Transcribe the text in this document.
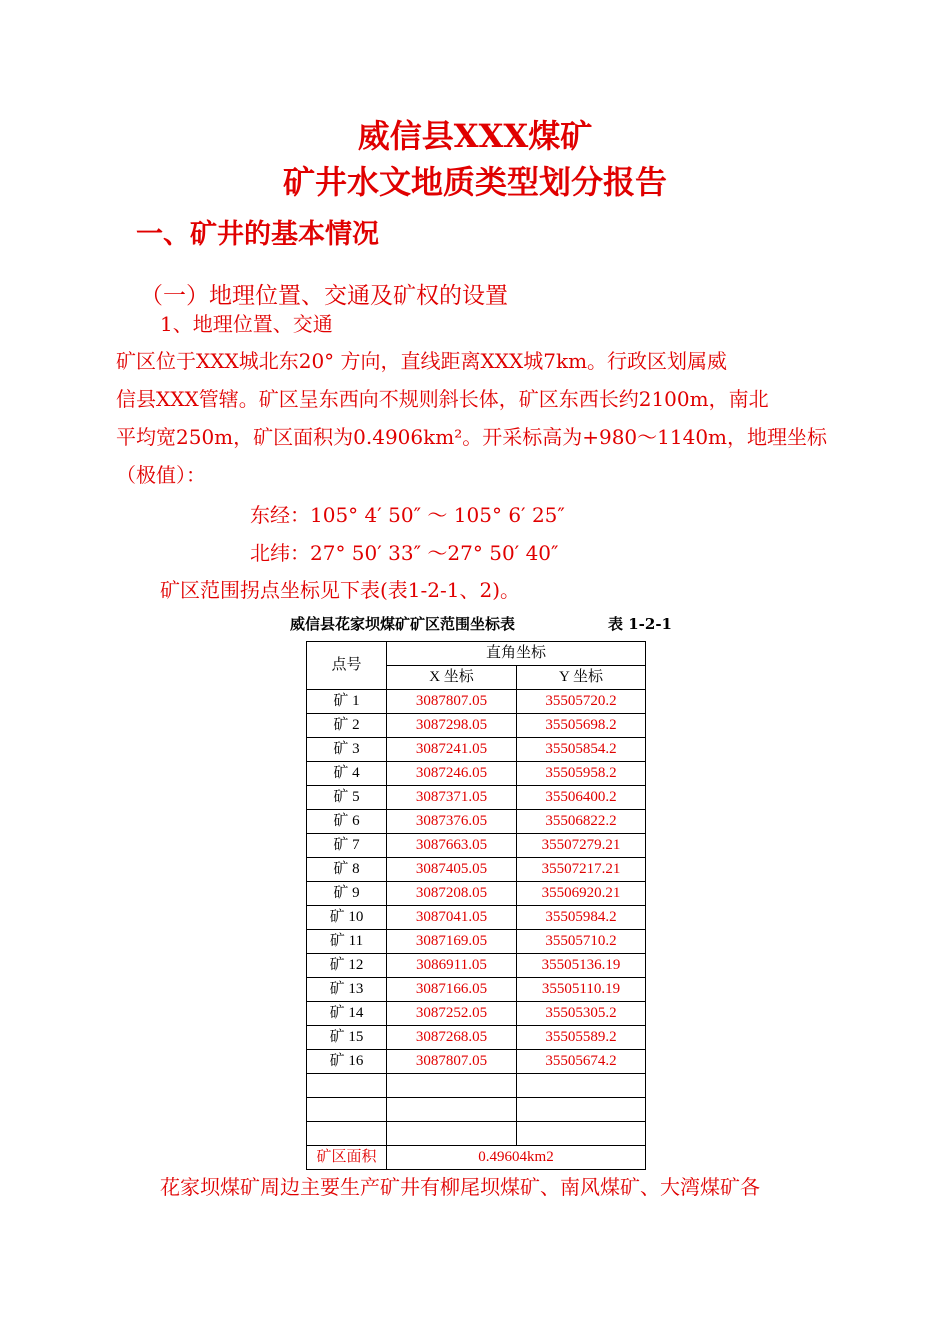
威信县XXX煤矿
矿井水文地质类型划分报告
一、矿井的基本情况
（一）地理位置、交通及矿权的设置
1、地理位置、交通
矿区位于XXX城北东20° 方向，直线距离XXX城7km。行政区划属威
信县XXX管辖。矿区呈东西向不规则斜长体，矿区东西长约2100m，南北
平均宽250m，矿区面积为0.4906km²。开采标高为+980～1140m，地理坐标
（极值）：
东经：105° 4′ 50″ ～ 105° 6′ 25″
北纬：27° 50′ 33″ ～27° 50′ 40″
矿区范围拐点坐标见下表(表1-2-1、2)。
威信县花家坝煤矿矿区范围坐标表	表 1-2-1
点号	直角坐标	
	X 坐标	Y 坐标
矿 1	3087807.05	35505720.2
矿 2	3087298.05	35505698.2
矿 3	3087241.05	35505854.2
矿 4	3087246.05	35505958.2
矿 5	3087371.05	35506400.2
矿 6	3087376.05	35506822.2
矿 7	3087663.05	35507279.21
矿 8	3087405.05	35507217.21
矿 9	3087208.05	35506920.21
矿 10	3087041.05	35505984.2
矿 11	3087169.05	35505710.2
矿 12	3086911.05	35505136.19
矿 13	3087166.05	35505110.19
矿 14	3087252.05	35505305.2
矿 15	3087268.05	35505589.2
矿 16	3087807.05	35505674.2

矿区面积	0.49604km2	
花家坝煤矿周边主要生产矿井有柳尾坝煤矿、南风煤矿、大湾煤矿各
